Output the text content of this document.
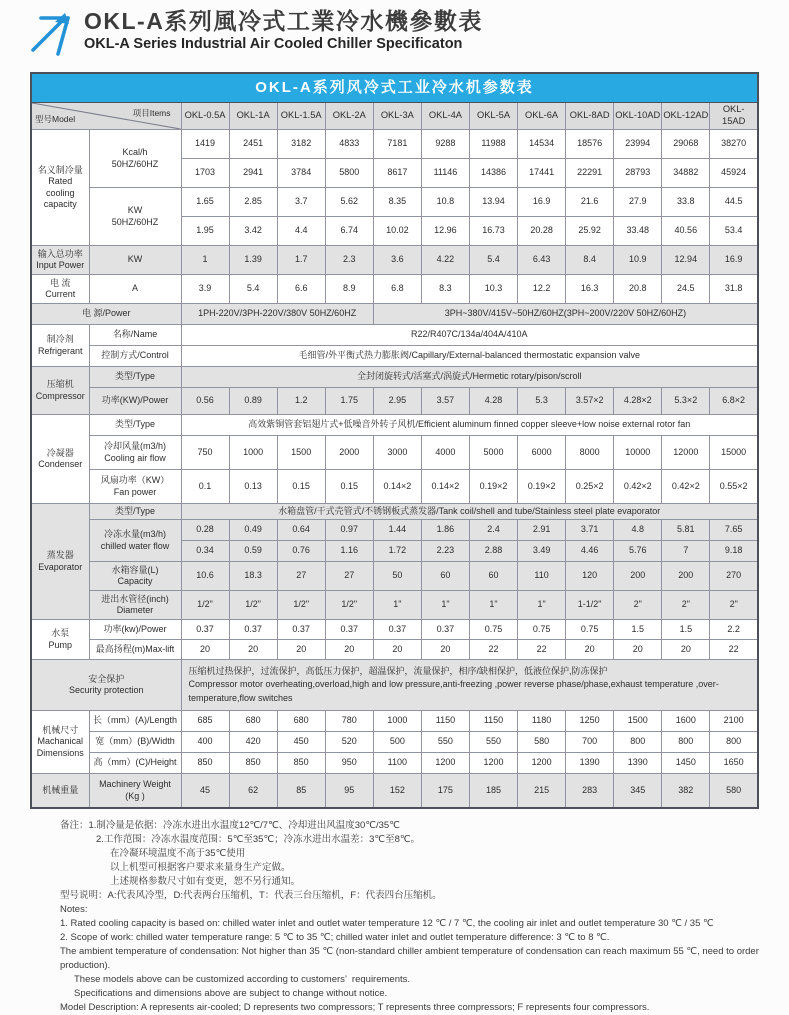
OKL-A系列風冷式工業冷水機參數表
OKL-A Series Industrial Air Cooled Chiller Specificaton
OKL-A系列风冷式工业冷水机参数表													

型号Model
项目Items		OKL-0.5A	OKL-1A	OKL-1.5A	OKL-2A	OKL-3A	OKL-4A	OKL-5A	OKL-6A	OKL-8AD	OKL-10AD	OKL-12AD	OKL-15AD

名义制冷量
Rated
cooling
capacity

Kcal/h
50HZ/60HZ
	1419	2451	3182	4833	7181	9288	11988	14534	18576	23994	29068	38270
		1703	2941	3784	5800	8617	11146	14386	17441	22291	28793	34882	45924

	KW
50HZ/60HZ	1.65	2.85	3.7	5.62	8.35	10.8	13.94	16.9	21.6	27.9	33.8	44.5
		1.95	3.42	4.4	6.74	10.02	12.96	16.73	20.28	25.92	33.48	40.56	53.4

输入总功率
Input Power	KW	1	1.39	1.7	2.3	3.6	4.22	5.4	6.43	8.4	10.9	12.94	16.9

电 流
Current	A	3.9	5.4	6.6	8.9	6.8	8.3	10.3	12.2	16.3	20.8	24.5	31.8

电 源/Power		1PH-220V/3PH-220V/380V 50HZ/60HZ				3PH~380V/415V~50HZ/60HZ(3PH~200V/220V 50HZ/60HZ)							

制冷剂
Refrigerant	名称/Name	R22/R407C/134a/404A/410A											

	控制方式/Control	毛细管/外平衡式热力膨胀阀/Capillary/External-balanced thermostatic expansion valve											

压缩机
Compressor	类型/Type	全封闭旋转式/活塞式/涡旋式/Hermetic rotary/pison/scroll											

	功率(KW)/Power	0.56	0.89	1.2	1.75	2.95	3.57	4.28	5.3	3.57×2	4.28×2	5.3×2	6.8×2

冷凝器
Condenser	类型/Type	高效紫铜管套铝翅片式+低噪音外转子风机/Efficient aluminum finned copper sleeve+low noise external rotor fan											

	冷却风量(m3/h)
Cooling air flow	750	1000	1500	2000	3000	4000	5000	6000	8000	10000	12000	15000

	风扇功率（KW）
Fan power	0.1	0.13	0.15	0.15	0.14×2	0.14×2	0.19×2	0.19×2	0.25×2	0.42×2	0.42×2	0.55×2

蒸发器
Evaporator	类型/Type	水箱盘管/干式壳管式/不锈钢板式蒸发器/Tank coil/shell and tube/Stainless steel plate evaporator											

	冷冻水量(m3/h)
chilled water flow	0.28	0.49	0.64	0.97	1.44	1.86	2.4	2.91	3.71	4.8	5.81	7.65
		0.34	0.59	0.76	1.16	1.72	2.23	2.88	3.49	4.46	5.76	7	9.18

	水箱容量(L)
Capacity	10.6	18.3	27	27	50	60	60	110	120	200	200	270

	进出水管径(inch)
Diameter	1/2"	1/2"	1/2"	1/2"	1"	1"	1"	1"	1-1/2"	2"	2"	2"

水泵
Pump	功率(kw)/Power	0.37	0.37	0.37	0.37	0.37	0.37	0.75	0.75	0.75	1.5	1.5	2.2

	最高扬程(m)Max-lift	20	20	20	20	20	20	22	22	20	20	20	22

安全保护
Security protection

压缩机过热保护，过流保护，高低压力保护，超温保护，流量保护，相序/缺相保护，低液位保护,防冻保护
Compressor motor overheating,overload,high and low pressure,anti-freezing ,power reverse phase/phase,exhaust temperature ,over-temperature,flow switches

机械尺寸
Machanical
Dimensions	长（mm）(A)/Length	685	680	680	780	1000	1150	1150	1180	1250	1500	1600	2100

	宽（mm）(B)/Width	400	420	450	520	500	550	550	580	700	800	800	800

	高（mm）(C)/Height	850	850	850	950	1100	1200	1200	1200	1390	1390	1450	1650

机械重量	Machinery Weight
(Kg )	45	62	85	95	152	175	185	215	283	345	382	580
备注：1.制冷量是依据：冷冻水进出水温度12℃/7℃、冷却进出风温度30℃/35℃
2.工作范围：冷冻水温度范围：5℃至35℃；冷冻水进出水温差：3℃至8℃。
在冷凝环境温度不高于35℃使用
以上机型可根据客户要求来量身生产定做。
上述规格参数尺寸如有变更，恕不另行通知。
型号说明：A:代表风冷型，D:代表两台压缩机，T：代表三台压缩机，F：代表四台压缩机。
Notes:
1. Rated cooling capacity is based on: chilled water inlet and outlet water temperature 12 ℃ / 7 ℃, the cooling air inlet and outlet temperature 30 ℃ / 35 ℃
2. Scope of work: chilled water temperature range: 5 ℃ to 35 ℃; chilled water inlet and outlet temperature difference: 3 ℃ to 8 ℃.
The ambient temperature of condensation: Not higher than 35 ℃ (non-standard chiller ambient temperature of condensation can reach maximum 55 ℃, need to order production).
These models above can be customized according to customers’  requirements.
Specifications and dimensions above are subject to change without notice.
Model Description: A represents air-cooled; D represents two compressors; T represents three compressors; F represents four compressors.
